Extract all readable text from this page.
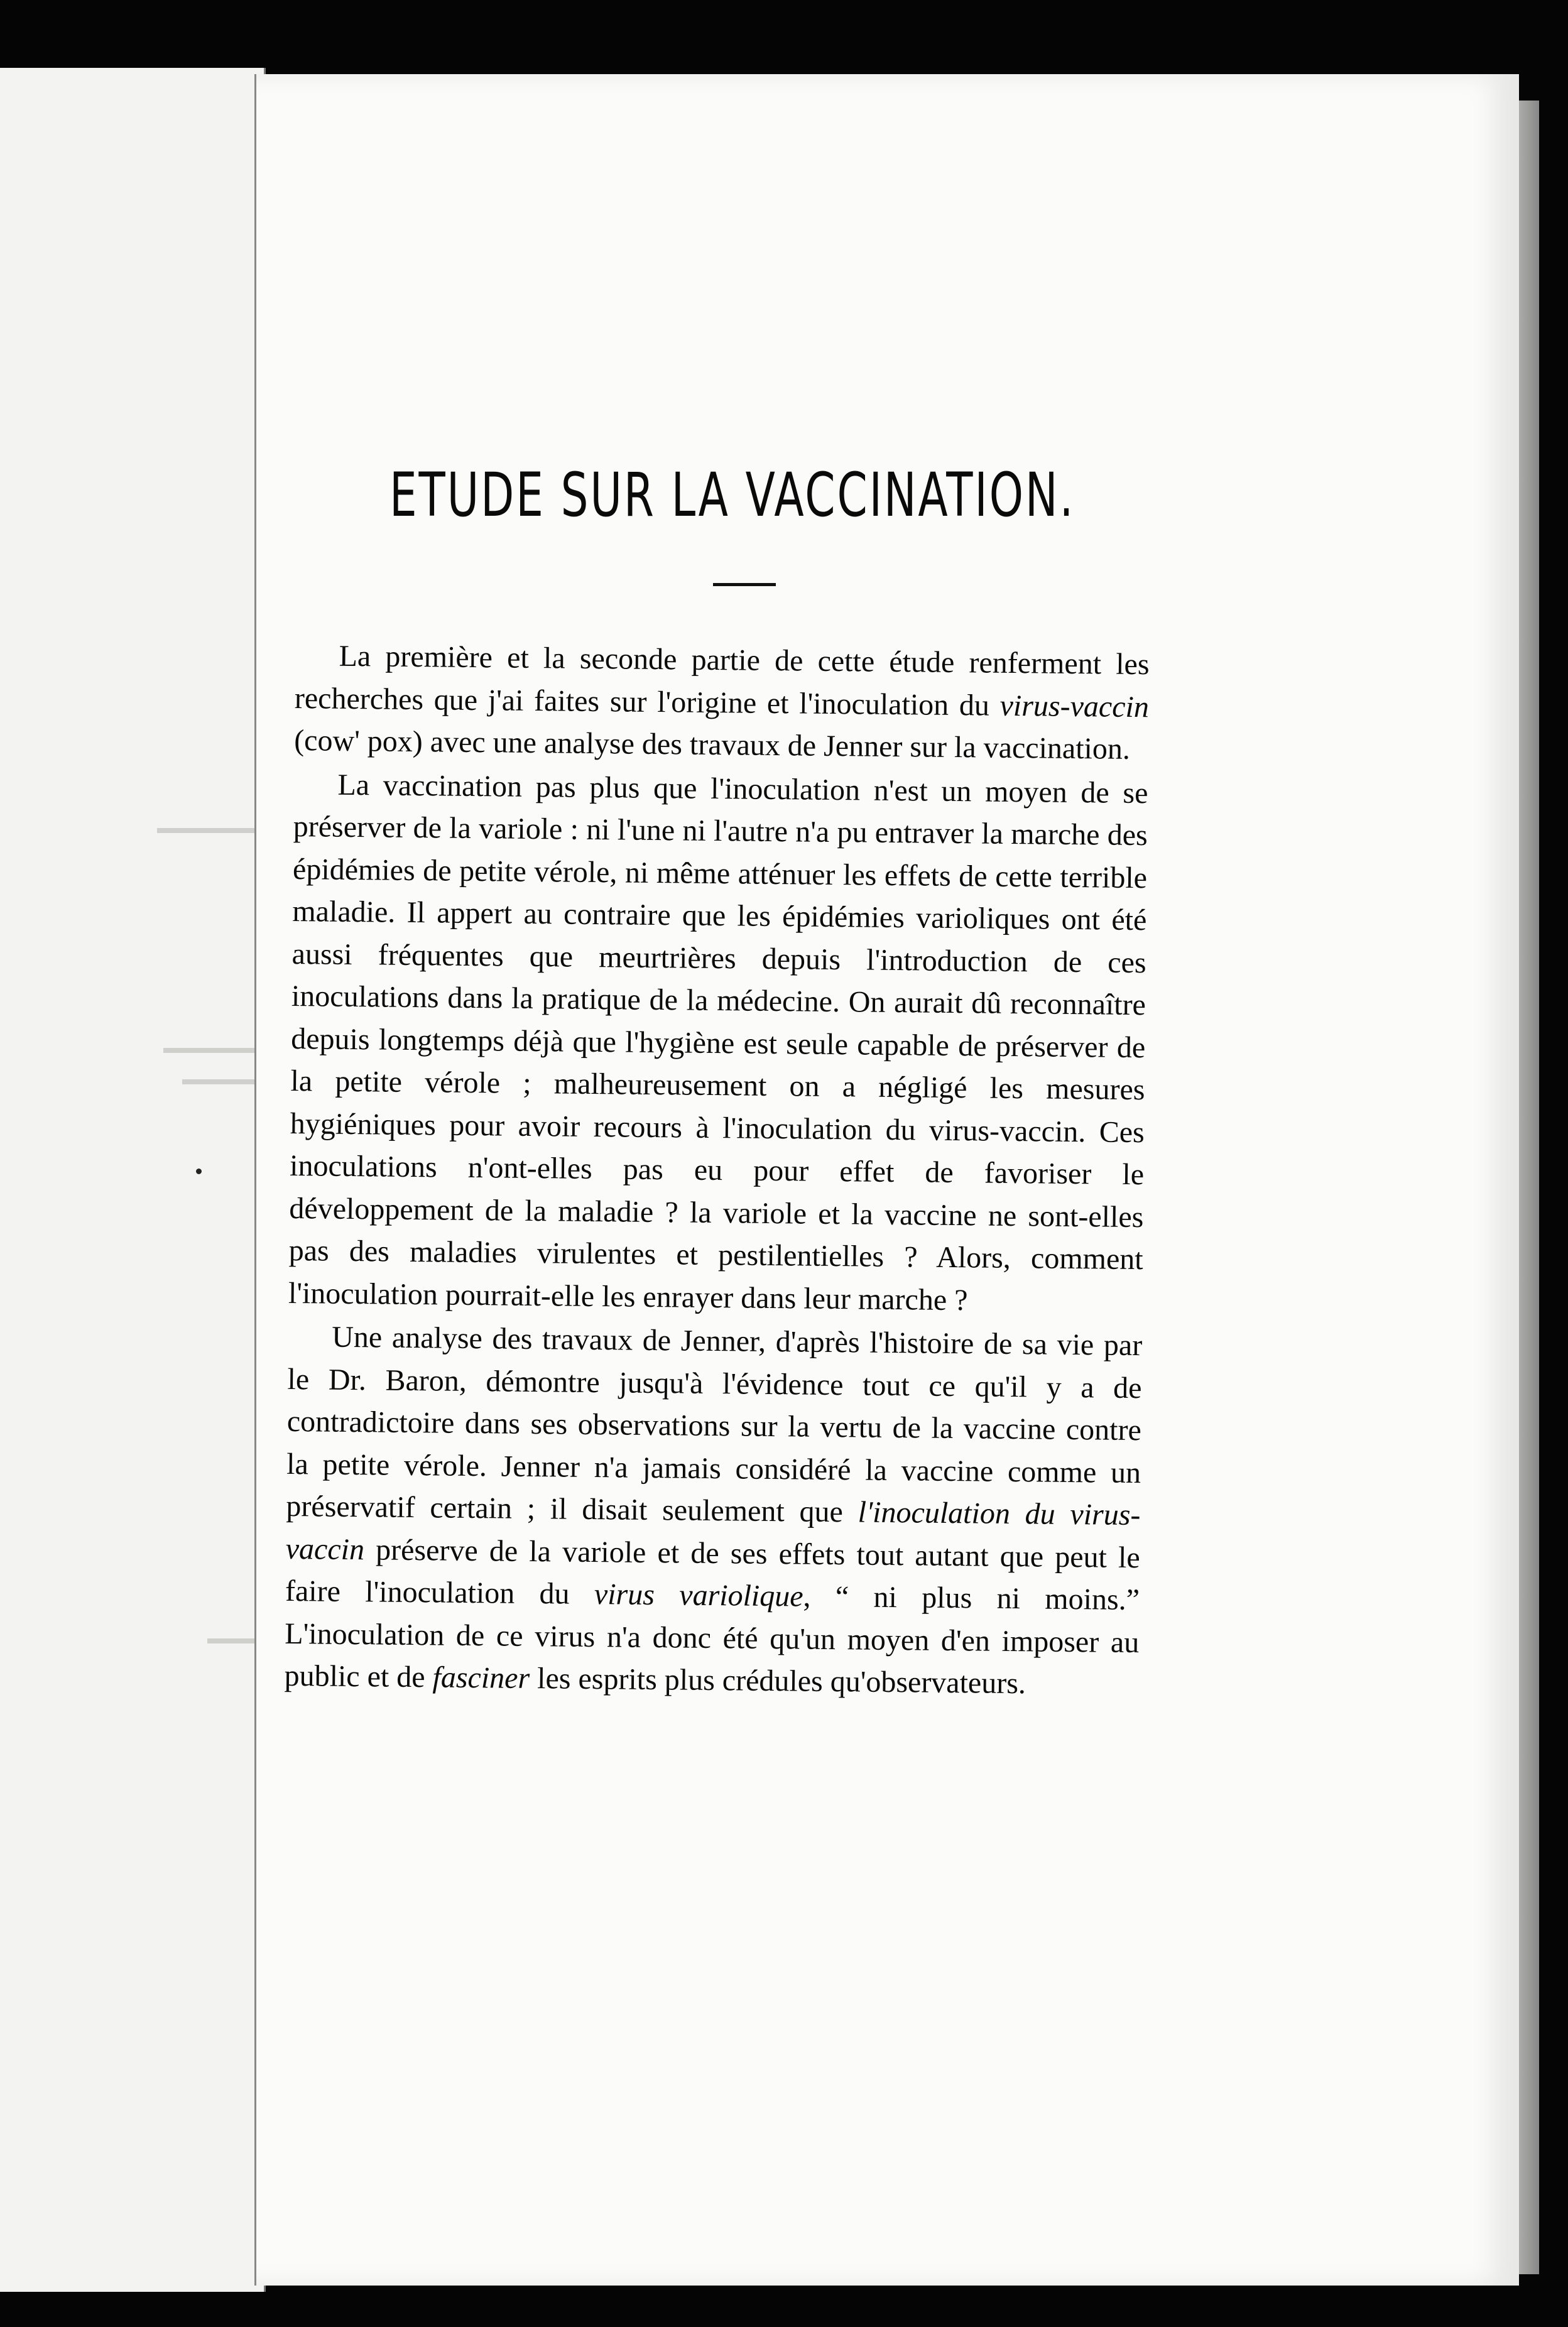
ETUDE SUR LA VACCINATION.

La première et la seconde partie de cette étude renferment les recherches que j'ai faites sur l'origine et l'inoculation du virus-vaccin (cow' pox) avec une analyse des travaux de Jenner sur la vaccination.

La vaccination pas plus que l'inoculation n'est un moyen de se préserver de la variole : ni l'une ni l'autre n'a pu entraver la marche des épidémies de petite vérole, ni même atténuer les effets de cette terrible maladie. Il appert au contraire que les épidémies varioliques ont été aussi fréquentes que meurtrières depuis l'introduction de ces inoculations dans la pratique de la médecine. On aurait dû reconnaître depuis longtemps déjà que l'hygiène est seule capable de préserver de la petite vérole ; malheureusement on a négligé les mesures hygiéniques pour avoir recours à l'inoculation du virus-vaccin. Ces inoculations n'ont-elles pas eu pour effet de favoriser le développement de la maladie ? la variole et la vaccine ne sont-elles pas des maladies virulentes et pestilentielles ? Alors, comment l'inoculation pourrait-elle les enrayer dans leur marche ?

Une analyse des travaux de Jenner, d'après l'histoire de sa vie par le Dr. Baron, démontre jusqu'à l'évidence tout ce qu'il y a de contradictoire dans ses observations sur la vertu de la vaccine contre la petite vérole. Jenner n'a jamais considéré la vaccine comme un préservatif certain ; il disait seulement que l'inoculation du virus-vaccin préserve de la variole et de ses effets tout autant que peut le faire l'inoculation du virus variolique, “ ni plus ni moins.” L'inoculation de ce virus n'a donc été qu'un moyen d'en imposer au public et de fasciner les esprits plus crédules qu'observateurs.
